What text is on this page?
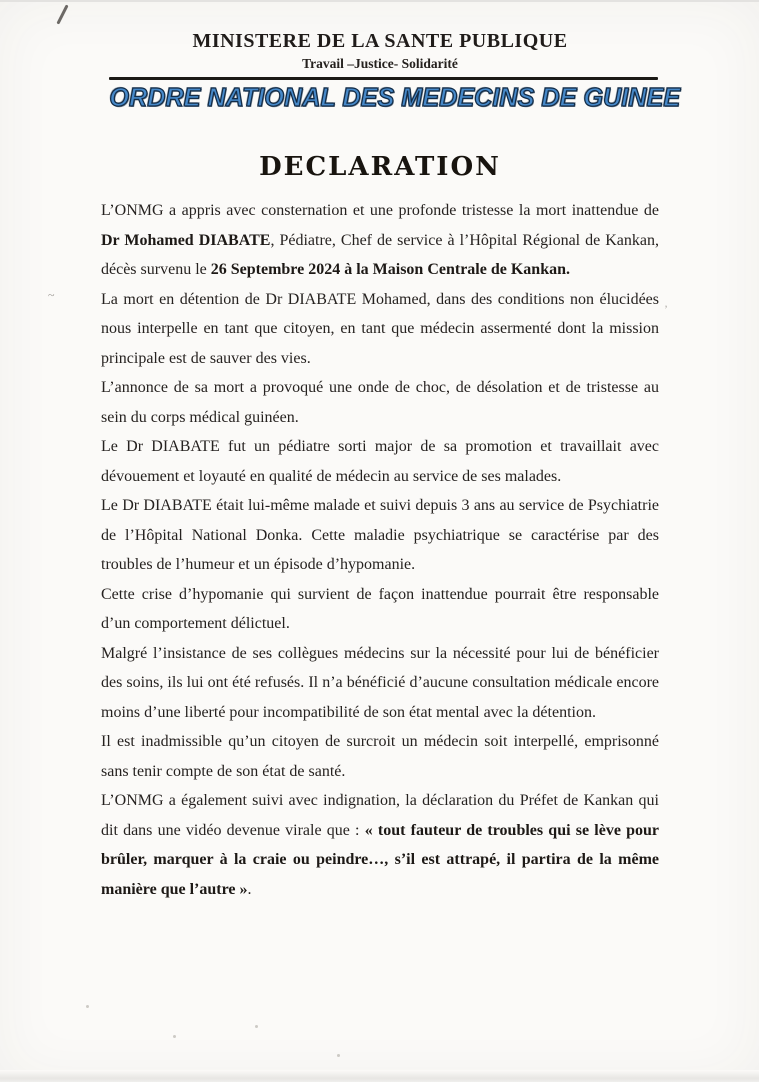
MINISTERE DE LA SANTE PUBLIQUE
Travail –Justice- Solidarité
ORDRE NATIONAL DES MEDECINS DE GUINEE
DECLARATION

L’ONMG a appris avec consternation et une profonde tristesse la mort inattendue de Dr Mohamed DIABATE, Pédiatre, Chef de service à l’Hôpital Régional de Kankan, décès survenu le 26 Septembre 2024 à la Maison Centrale de Kankan.

La mort en détention de Dr DIABATE Mohamed, dans des conditions non élucidées nous interpelle en tant que citoyen, en tant que médecin assermenté dont la mission principale est de sauver des vies.

L’annonce de sa mort a provoqué une onde de choc, de désolation et de tristesse au sein du corps médical guinéen.

Le Dr DIABATE fut un pédiatre sorti major de sa promotion et travaillait avec dévouement et loyauté en qualité de médecin au service de ses malades.

Le Dr DIABATE était lui-même malade et suivi depuis 3 ans au service de Psychiatrie de l’Hôpital National Donka. Cette maladie psychiatrique se caractérise par des troubles de l’humeur et un épisode d’hypomanie.

Cette crise d’hypomanie qui survient de façon inattendue pourrait être responsable d’un comportement délictuel.

Malgré l’insistance de ses collègues médecins sur la nécessité pour lui de bénéficier des soins, ils lui ont été refusés. Il n’a bénéficié d’aucune consultation médicale encore moins d’une liberté pour incompatibilité de son état mental avec la détention.

Il est inadmissible qu’un citoyen de surcroit un médecin soit interpellé, emprisonné sans tenir compte de son état de santé.

L’ONMG a également suivi avec indignation, la déclaration du Préfet de Kankan qui dit dans une vidéo devenue virale que : « tout fauteur de troubles qui se lève pour brûler, marquer à la craie ou peindre…, s’il est attrapé, il partira de la même manière que l’autre ».

~
’
